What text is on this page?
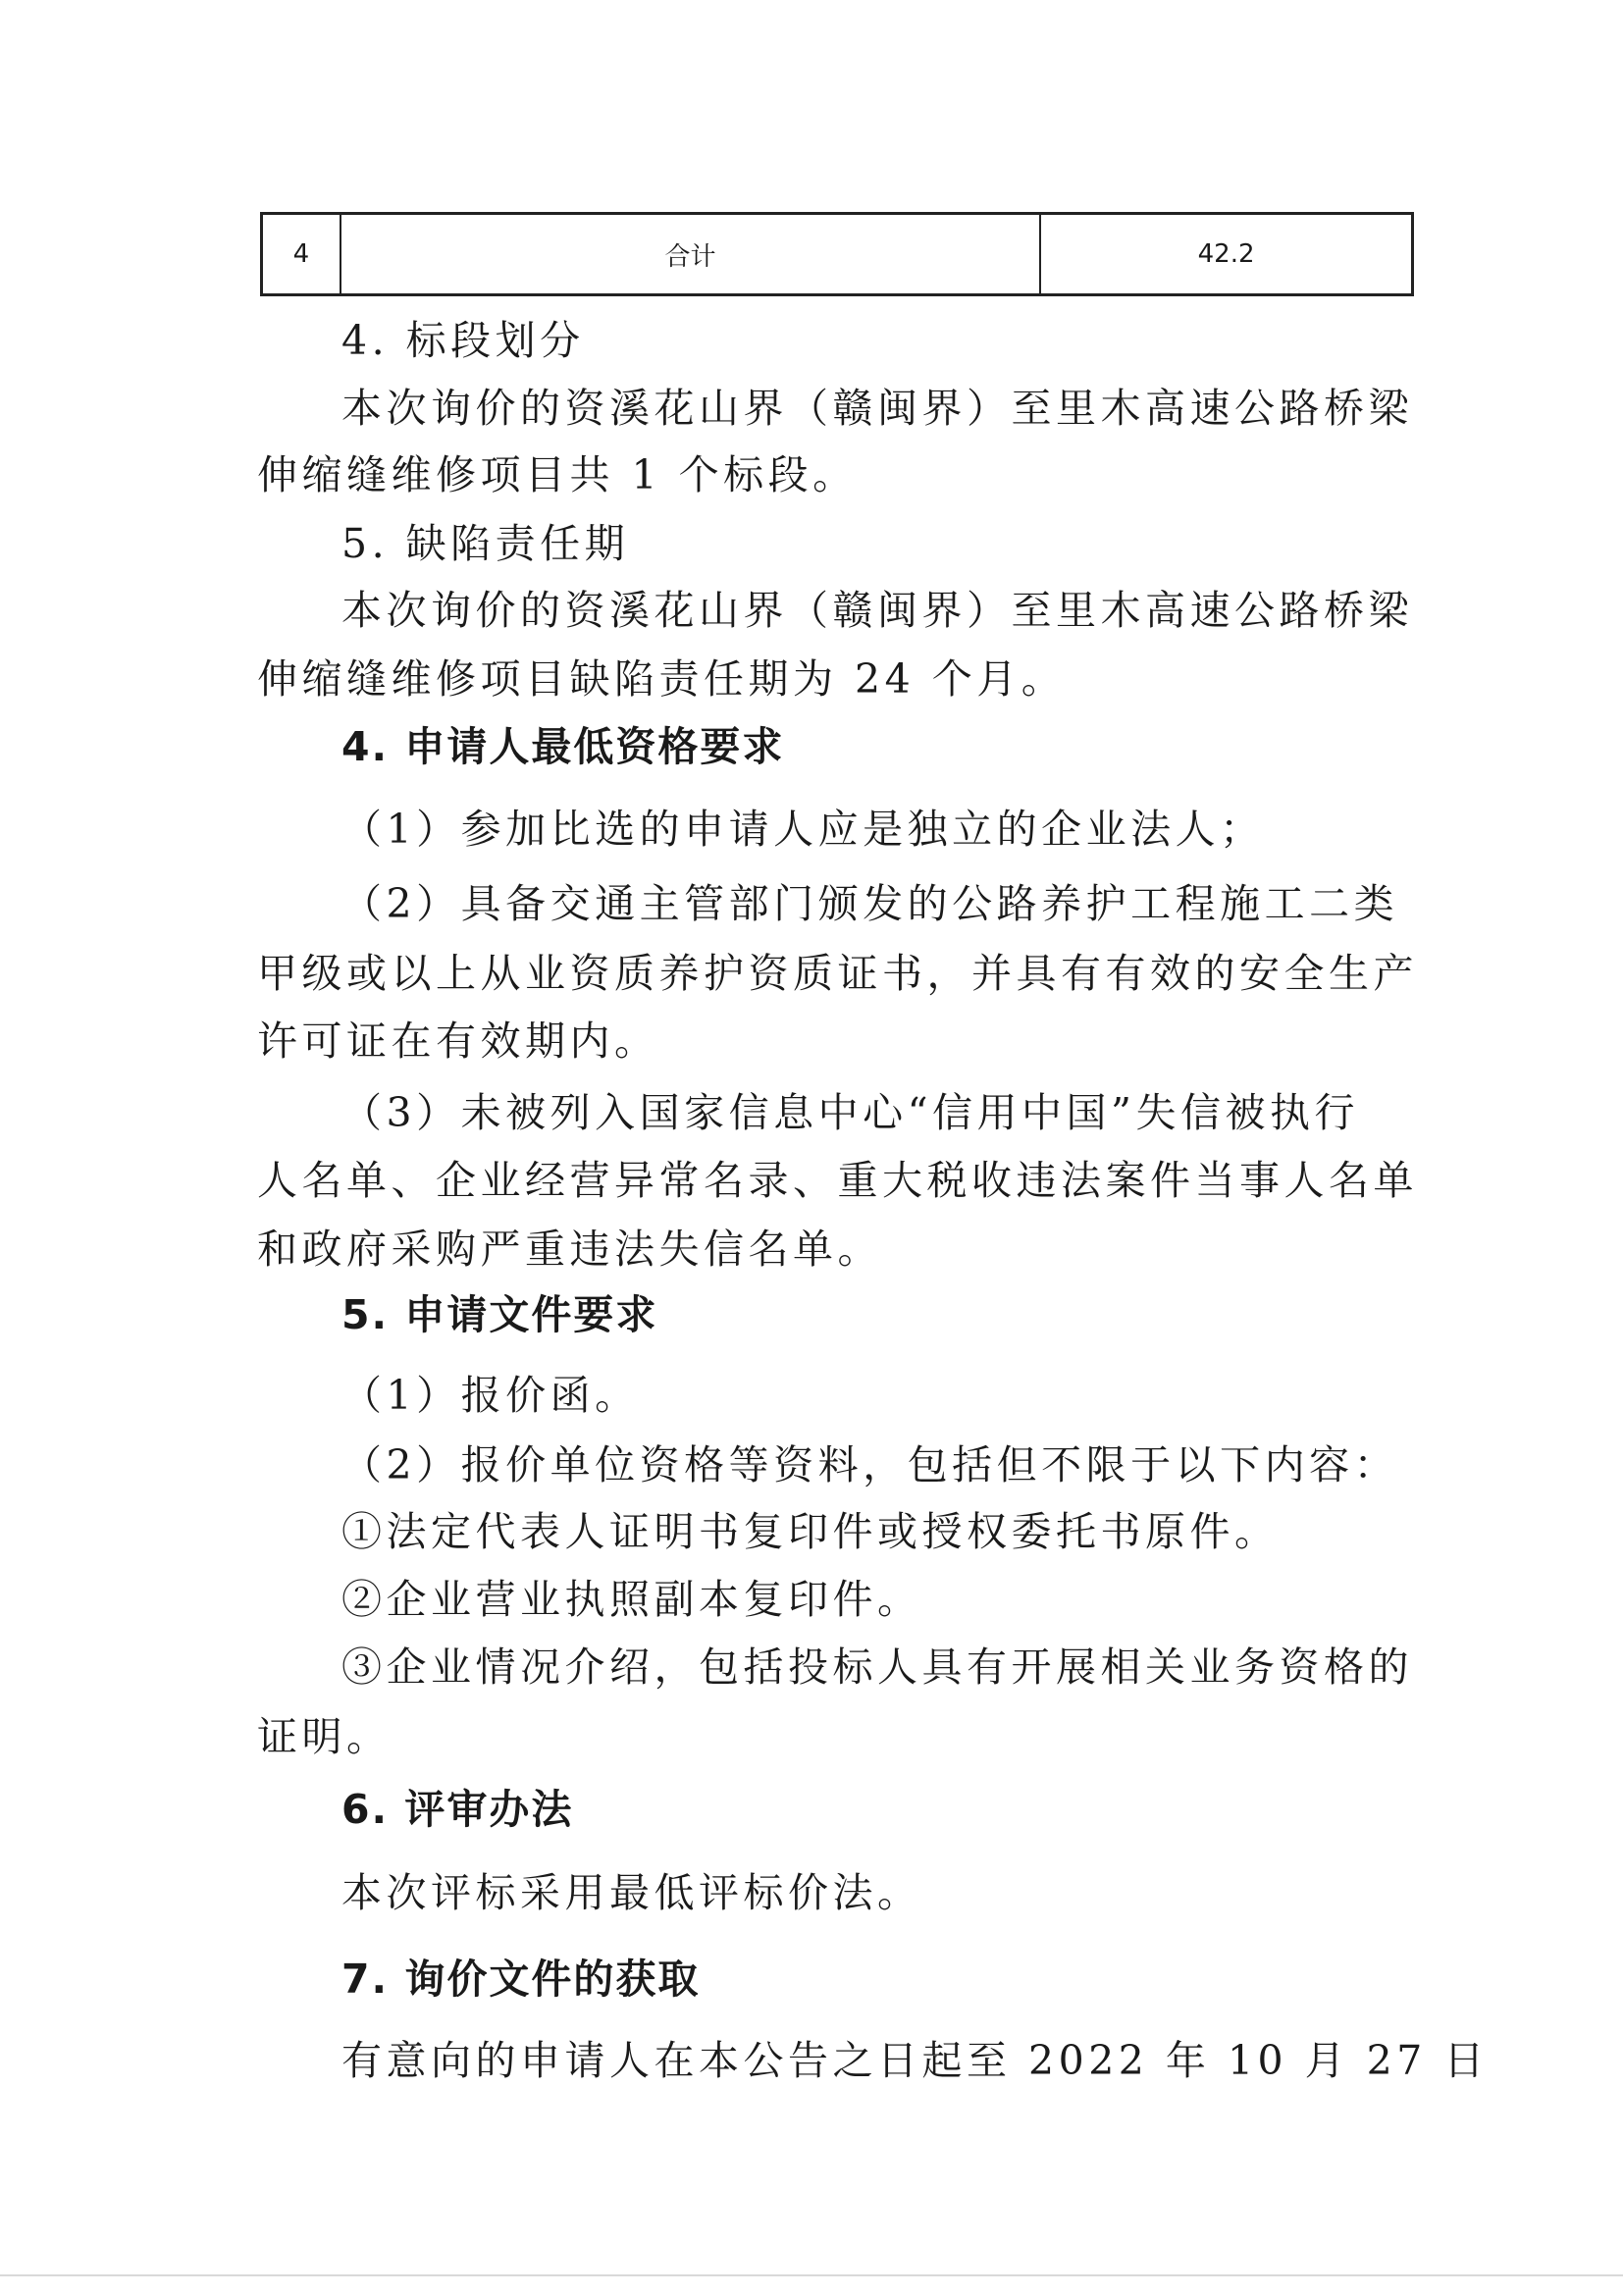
4	合计	42.2
4. 标段划分
本次询价的资溪花山界（赣闽界）至里木高速公路桥梁
伸缩缝维修项目共 1 个标段。
5. 缺陷责任期
本次询价的资溪花山界（赣闽界）至里木高速公路桥梁
伸缩缝维修项目缺陷责任期为 24 个月。
4. 申请人最低资格要求
（1）参加比选的申请人应是独立的企业法人；
（2）具备交通主管部门颁发的公路养护工程施工二类
甲级或以上从业资质养护资质证书，并具有有效的安全生产
许可证在有效期内。
（3）未被列入国家信息中心“信用中国”失信被执行
人名单、企业经营异常名录、重大税收违法案件当事人名单
和政府采购严重违法失信名单。
5. 申请文件要求
（1）报价函。
（2）报价单位资格等资料，包括但不限于以下内容：
①法定代表人证明书复印件或授权委托书原件。
②企业营业执照副本复印件。
③企业情况介绍，包括投标人具有开展相关业务资格的
证明。
6. 评审办法
本次评标采用最低评标价法。
7. 询价文件的获取
有意向的申请人在本公告之日起至 2022 年 10 月 27 日
